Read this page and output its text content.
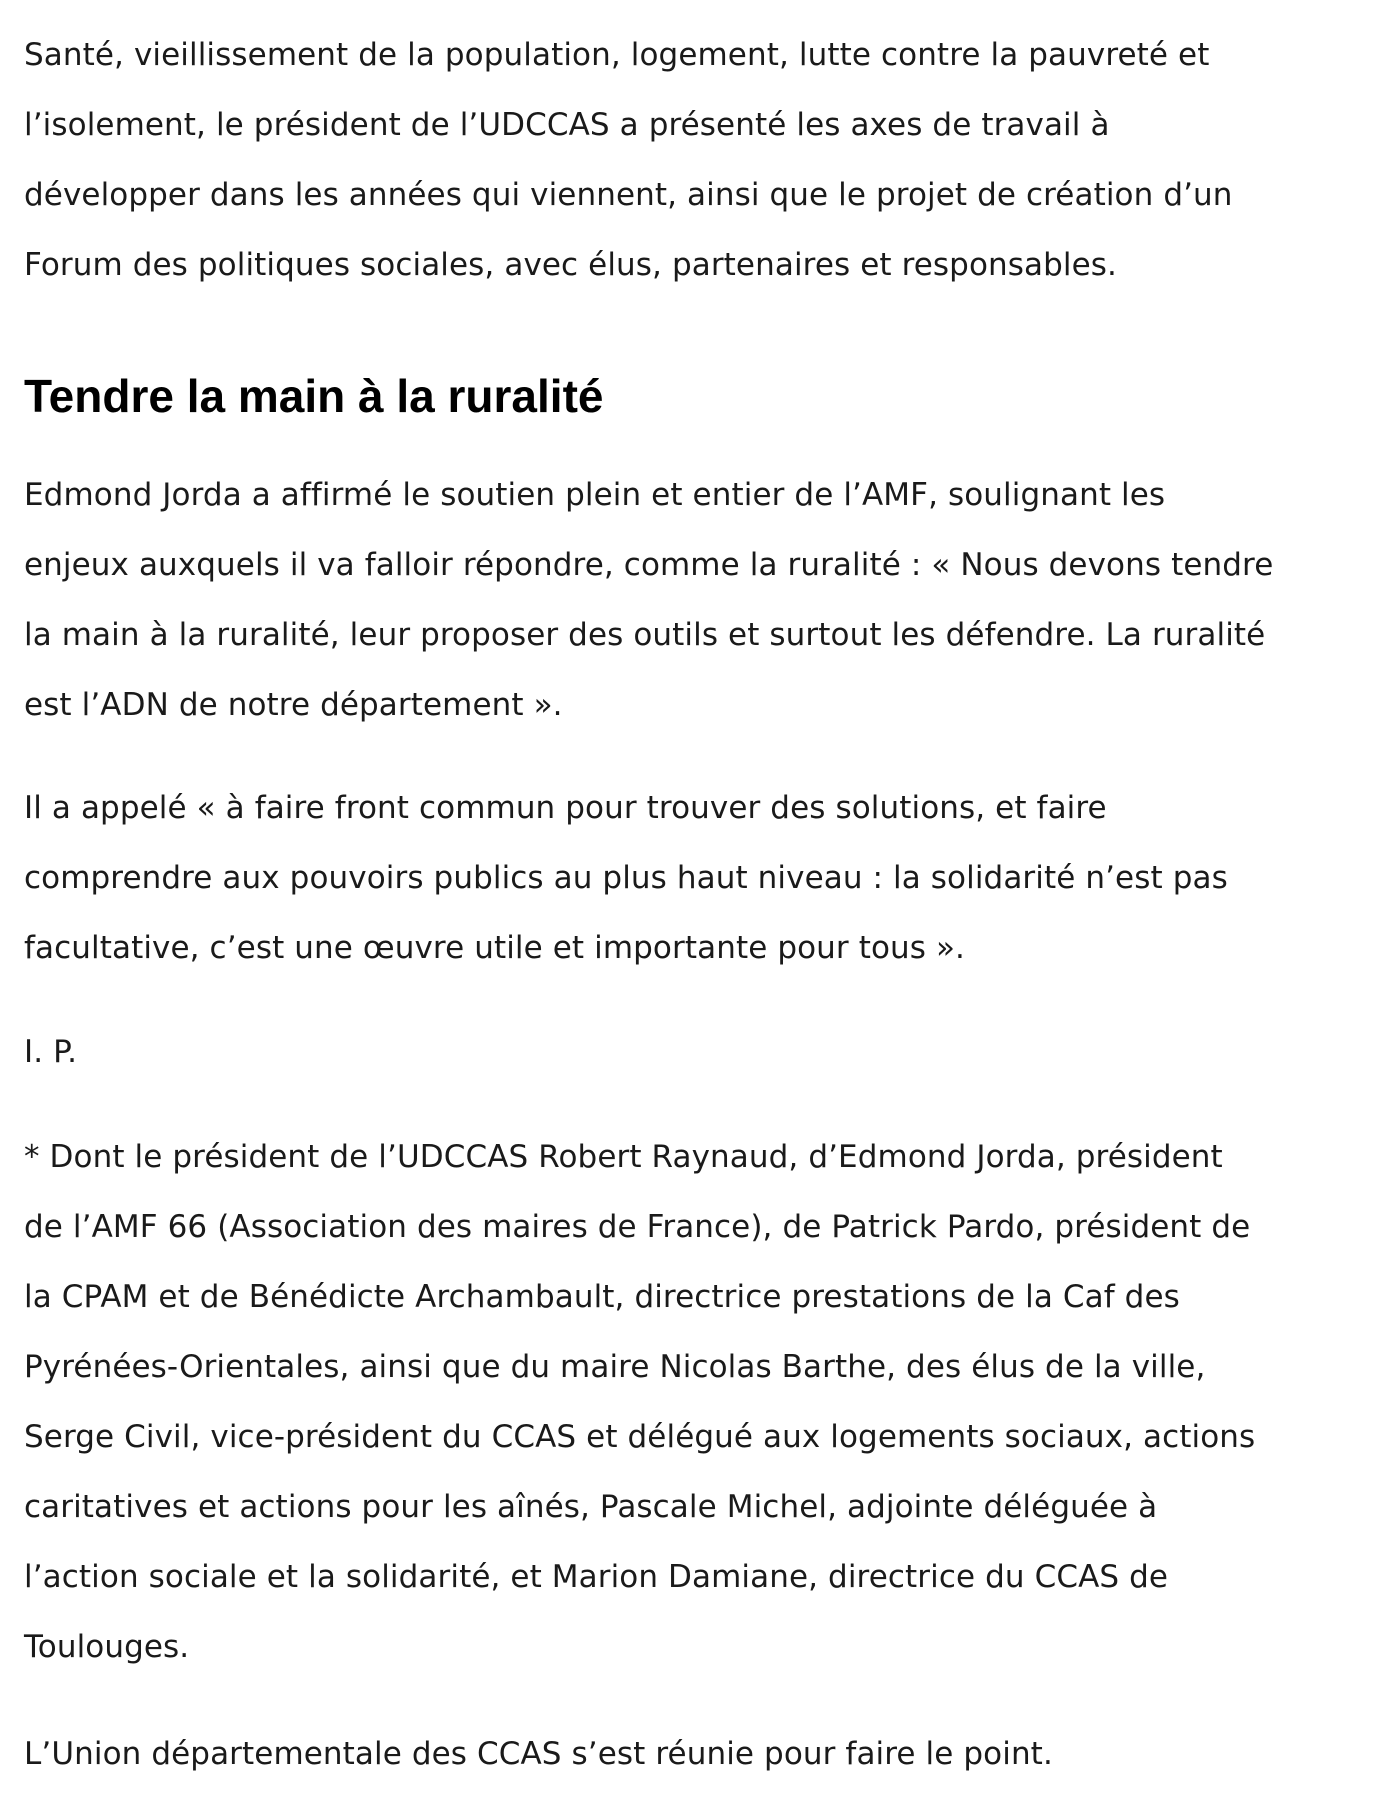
Santé, vieillissement de la population, logement, lutte contre la pauvreté et
l’isolement, le président de l’UDCCAS a présenté les axes de travail à
développer dans les années qui viennent, ainsi que le projet de création d’un
Forum des politiques sociales, avec élus, partenaires et responsables.

Tendre la main à la ruralité

Edmond Jorda a affirmé le soutien plein et entier de l’AMF, soulignant les
enjeux auxquels il va falloir répondre, comme la ruralité : « Nous devons tendre
la main à la ruralité, leur proposer des outils et surtout les défendre. La ruralité
est l’ADN de notre département ».

Il a appelé « à faire front commun pour trouver des solutions, et faire
comprendre aux pouvoirs publics au plus haut niveau : la solidarité n’est pas
facultative, c’est une œuvre utile et importante pour tous ».

I. P.

* Dont le président de l’UDCCAS Robert Raynaud, d’Edmond Jorda, président
de l’AMF 66 (Association des maires de France), de Patrick Pardo, président de
la CPAM et de Bénédicte Archambault, directrice prestations de la Caf des
Pyrénées-Orientales, ainsi que du maire Nicolas Barthe, des élus de la ville,
Serge Civil, vice-président du CCAS et délégué aux logements sociaux, actions
caritatives et actions pour les aînés, Pascale Michel, adjointe déléguée à
l’action sociale et la solidarité, et Marion Damiane, directrice du CCAS de
Toulouges.

L’Union départementale des CCAS s’est réunie pour faire le point.
